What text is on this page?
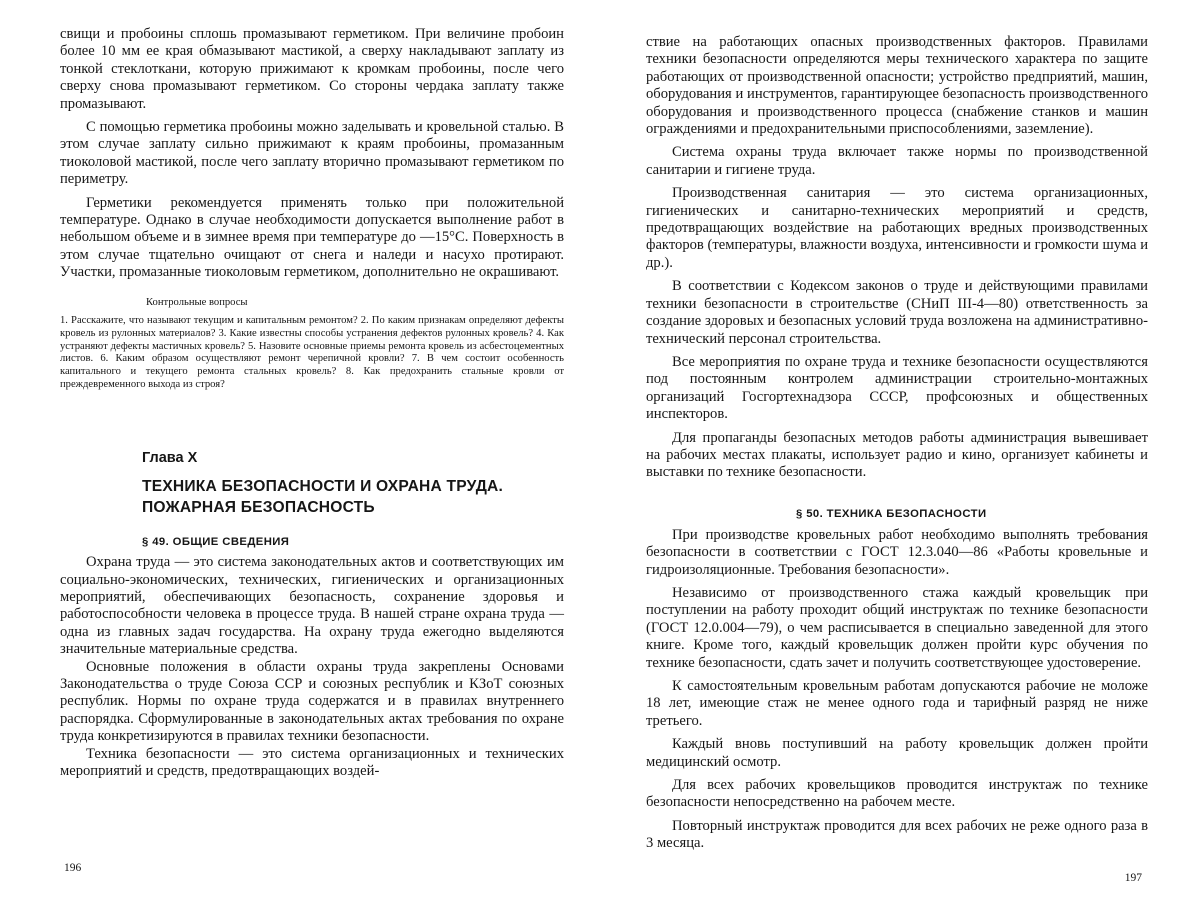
свищи и пробоины сплошь промазывают герметиком. При величине пробоин более 10 мм ее края обмазывают мастикой, а сверху накладывают заплату из тонкой стеклоткани, которую прижимают к кромкам пробоины, после чего сверху снова промазывают герметиком. Со стороны чердака заплату также промазывают.

С помощью герметика пробоины можно заделывать и кровельной сталью. В этом случае заплату сильно прижимают к краям пробоины, промазанным тиоколовой мастикой, после чего заплату вторично промазывают герметиком по периметру.

Герметики рекомендуется применять только при положительной температуре. Однако в случае необходимости допускается выполнение работ в небольшом объеме и в зимнее время при температуре до —15°С. Поверхность в этом случае тщательно очищают от снега и наледи и насухо протирают. Участки, промазанные тиоколовым герметиком, дополнительно не окрашивают.

Контрольные вопросы
1. Расскажите, что называют текущим и капитальным ремонтом? 2. По каким признакам определяют дефекты кровель из рулонных материалов? 3. Какие известны способы устранения дефектов рулонных кровель? 4. Как устраняют дефекты мастичных кровель? 5. Назовите основные приемы ремонта кровель из асбестоцементных листов. 6. Каким образом осуществляют ремонт черепичной кровли? 7. В чем состоит особенность капитального и текущего ремонта стальных кровель? 8. Как предохранить стальные кровли от преждевременного выхода из строя?
Глава X
ТЕХНИКА БЕЗОПАСНОСТИ И ОХРАНА ТРУДА.
ПОЖАРНАЯ БЕЗОПАСНОСТЬ
§ 49. ОБЩИЕ СВЕДЕНИЯ

Охрана труда — это система законодательных актов и соответствующих им социально-экономических, технических, гигиенических и организационных мероприятий, обеспечивающих безопасность, сохранение здоровья и работоспособности человека в процессе труда. В нашей стране охрана труда — одна из главных задач государства. На охрану труда ежегодно выделяются значительные материальные средства.

Основные положения в области охраны труда закреплены Основами Законодательства о труде Союза ССР и союзных республик и КЗоТ союзных республик. Нормы по охране труда содержатся и в правилах внутреннего распорядка. Сформулированные в законодательных актах требования по охране труда конкретизируются в правилах техники безопасности.

Техника безопасности — это система организационных и технических мероприятий и средств, предотвращающих воздей-

196

ствие на работающих опасных производственных факторов. Правилами техники безопасности определяются меры технического характера по защите работающих от производственной опасности; устройство предприятий, машин, оборудования и инструментов, гарантирующее безопасность производственного оборудования и производственного процесса (снабжение станков и машин ограждениями и предохранительными приспособлениями, заземление).

Система охраны труда включает также нормы по производственной санитарии и гигиене труда.

Производственная санитария — это система организационных, гигиенических и санитарно-технических мероприятий и средств, предотвращающих воздействие на работающих вредных производственных факторов (температуры, влажности воздуха, интенсивности и громкости шума и др.).

В соответствии с Кодексом законов о труде и действующими правилами техники безопасности в строительстве (СНиП III-4—80) ответственность за создание здоровых и безопасных условий труда возложена на административно-технический персонал строительства.

Все мероприятия по охране труда и технике безопасности осуществляются под постоянным контролем администрации строительно-монтажных организаций Госгортехнадзора СССР, профсоюзных и общественных инспекторов.

Для пропаганды безопасных методов работы администрация вывешивает на рабочих местах плакаты, использует радио и кино, организует кабинеты и выставки по технике безопасности.

§ 50. ТЕХНИКА БЕЗОПАСНОСТИ

При производстве кровельных работ необходимо выполнять требования безопасности в соответствии с ГОСТ 12.3.040—86 «Работы кровельные и гидроизоляционные. Требования безопасности».

Независимо от производственного стажа каждый кровельщик при поступлении на работу проходит общий инструктаж по технике безопасности (ГОСТ 12.0.004—79), о чем расписывается в специально заведенной для этого книге. Кроме того, каждый кровельщик должен пройти курс обучения по технике безопасности, сдать зачет и получить соответствующее удостоверение.

К самостоятельным кровельным работам допускаются рабочие не моложе 18 лет, имеющие стаж не менее одного года и тарифный разряд не ниже третьего.

Каждый вновь поступивший на работу кровельщик должен пройти медицинский осмотр.

Для всех рабочих кровельщиков проводится инструктаж по технике безопасности непосредственно на рабочем месте.

Повторный инструктаж проводится для всех рабочих не реже одного раза в 3 месяца.

197
